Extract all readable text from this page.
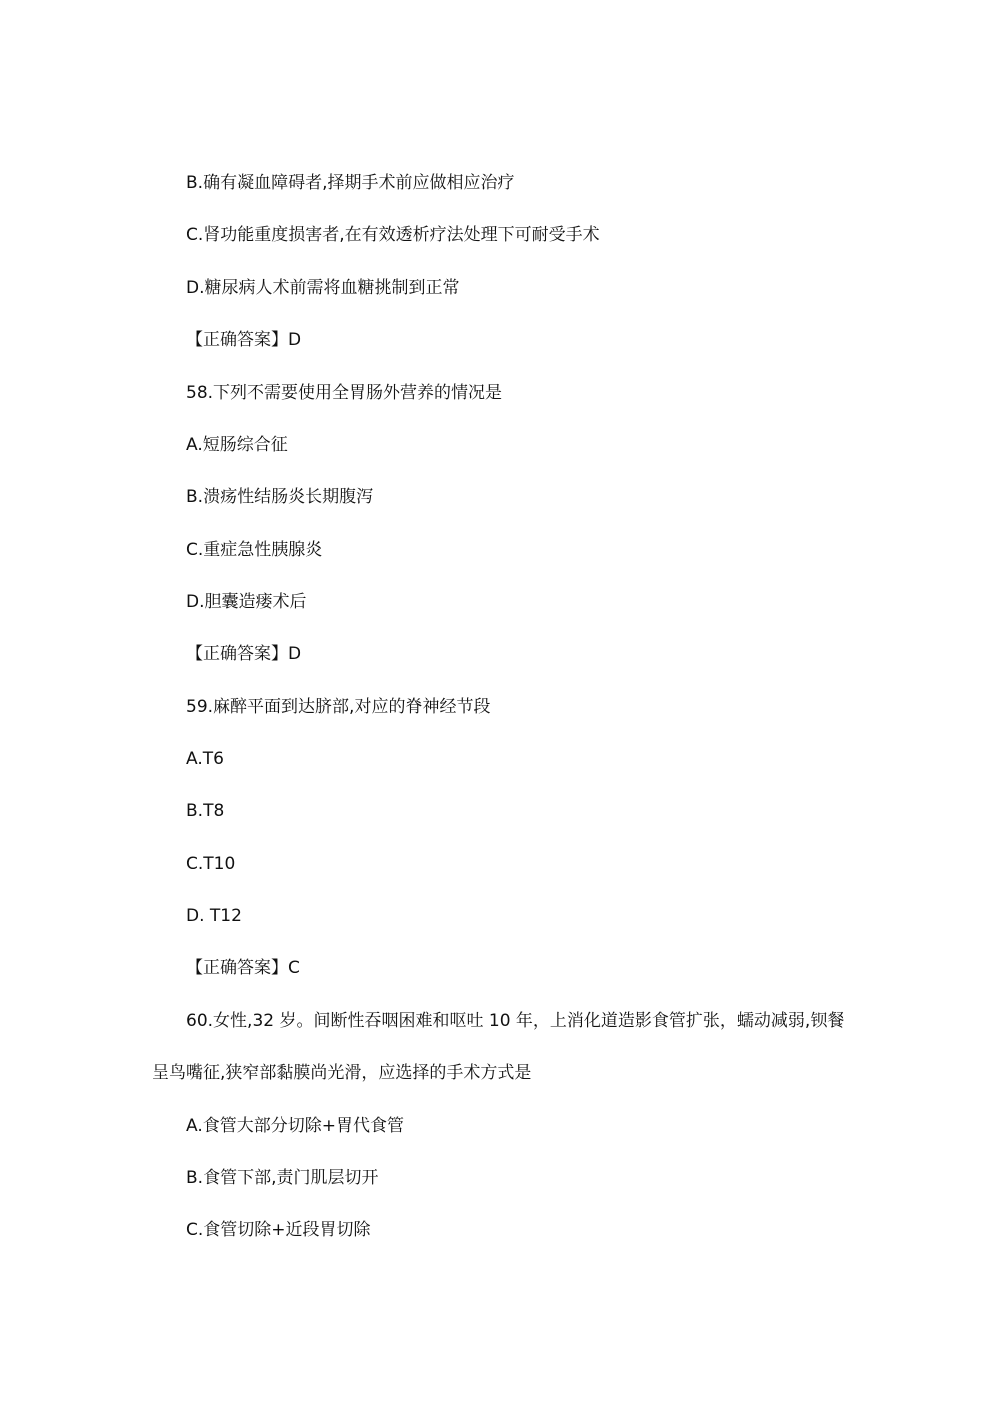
B.确有凝血障碍者,择期手术前应做相应治疗
C.肾功能重度损害者,在有效透析疗法处理下可耐受手术
D.糖尿病人术前需将血糖挑制到正常
【正确答案】D
58.下列不需要使用全胃肠外营养的情况是
A.短肠综合征
B.溃疡性结肠炎长期腹泻
C.重症急性胰腺炎
D.胆囊造瘘术后
【正确答案】D
59.麻醉平面到达脐部,对应的脊神经节段
A.T6
B.T8
C.T10
D. T12
【正确答案】C
60.女性,32 岁。间断性吞咽困难和呕吐 10 年，上消化道造影食管扩张，蠕动减弱,钡餐
呈鸟嘴征,狭窄部黏膜尚光滑，应选择的手术方式是
A.食管大部分切除+胃代食管
B.食管下部,责门肌层切开
C.食管切除+近段胃切除
